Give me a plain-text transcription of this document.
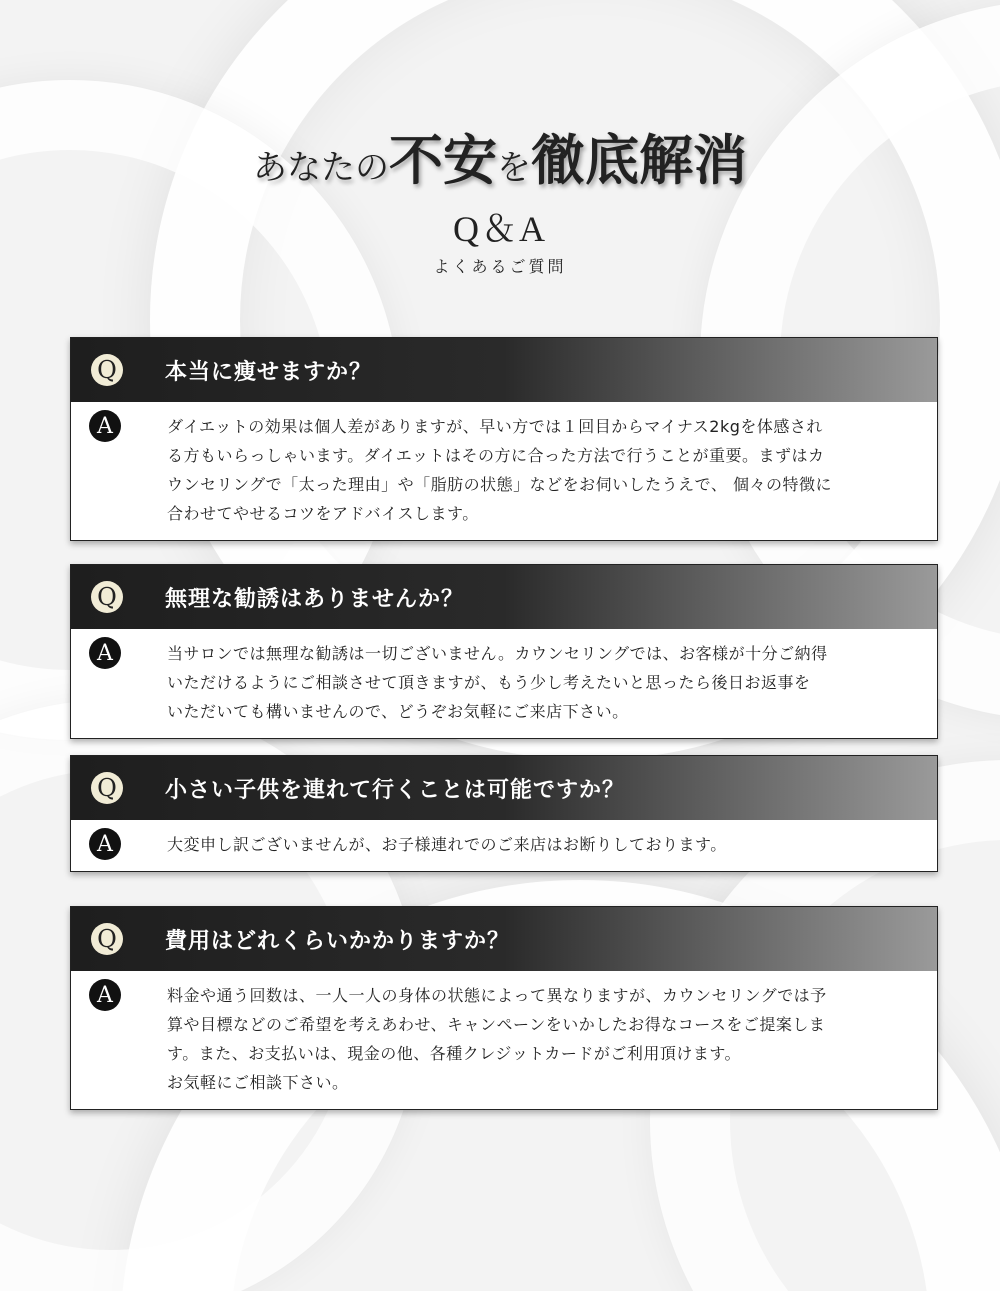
あなたの不安を徹底解消
Q＆A
よくあるご質問
Q 本当に痩せますか？
A	ダイエットの効果は個人差がありますが、早い方では１回目からマイナス2kgを体感され
る方もいらっしゃいます。ダイエットはその方に合った方法で行うことが重要。まずはカ
ウンセリングで「太った理由」や「脂肪の状態」などをお伺いしたうえで、 個々の特徴に
合わせてやせるコツをアドバイスします。
Q 無理な勧誘はありませんか？
A	当サロンでは無理な勧誘は一切ございません。カウンセリングでは、お客様が十分ご納得
いただけるようにご相談させて頂きますが、もう少し考えたいと思ったら後日お返事を
いただいても構いませんので、どうぞお気軽にご来店下さい。
Q 小さい子供を連れて行くことは可能ですか？
A	大変申し訳ございませんが、お子様連れでのご来店はお断りしております。
Q 費用はどれくらいかかりますか？
A	料金や通う回数は、一人一人の身体の状態によって異なりますが、カウンセリングでは予
算や目標などのご希望を考えあわせ、キャンペーンをいかしたお得なコースをご提案しま
す。また、お支払いは、現金の他、各種クレジットカードがご利用頂けます。
お気軽にご相談下さい。
